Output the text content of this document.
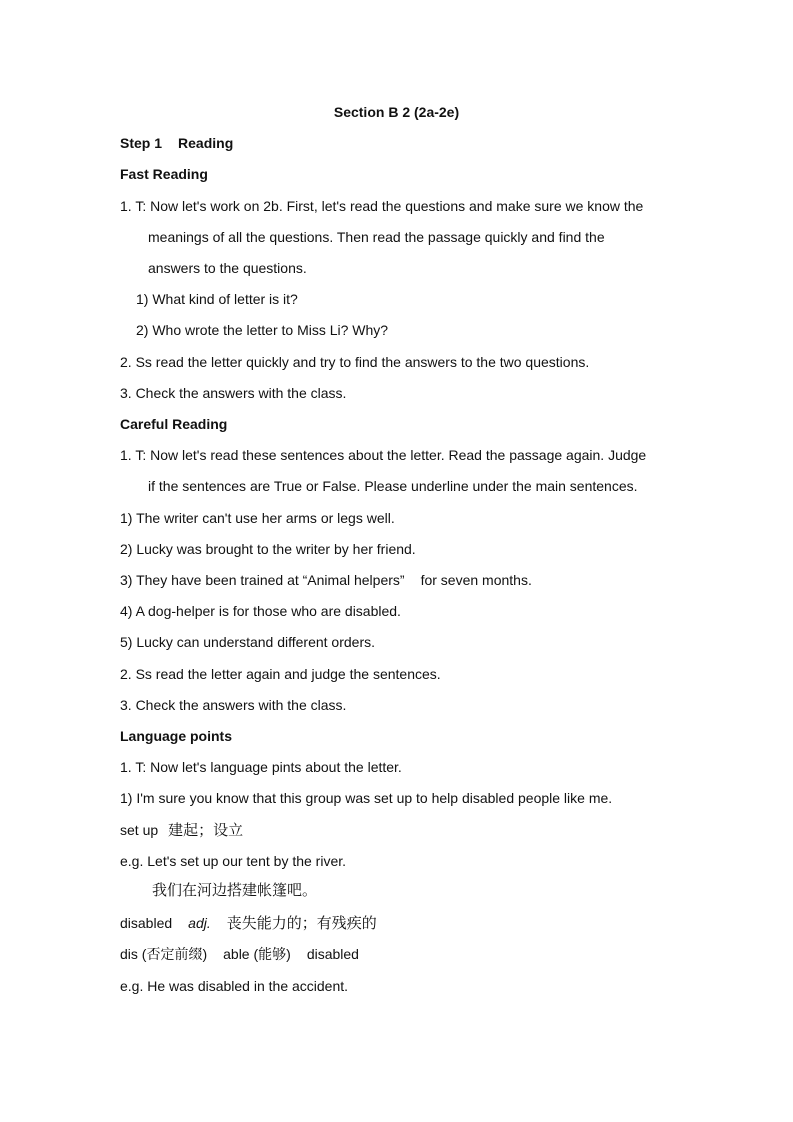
Section B 2 (2a-2e)
Step 1 Reading
Fast Reading
1. T: Now let's work on 2b. First, let's read the questions and make sure we know the
meanings of all the questions. Then read the passage quickly and find the
answers to the questions.
1) What kind of letter is it?
2) Who wrote the letter to Miss Li? Why?
2. Ss read the letter quickly and try to find the answers to the two questions.
3. Check the answers with the class.
Careful Reading
1. T: Now let's read these sentences about the letter. Read the passage again. Judge
if the sentences are True or False. Please underline under the main sentences.
1) The writer can't use her arms or legs well.
2) Lucky was brought to the writer by her friend.
3) They have been trained at “Animal helpers” for seven months.
4) A dog-helper is for those who are disabled.
5) Lucky can understand different orders.
2. Ss read the letter again and judge the sentences.
3. Check the answers with the class.
Language points
1. T: Now let's language pints about the letter.
1) I'm sure you know that this group was set up to help disabled people like me.
set up 建起；设立
e.g. Let's set up our tent by the river.
我们在河边搭建帐篷吧。
disabled adj. 丧失能力的；有残疾的
dis (否定前缀) able (能够) disabled
e.g. He was disabled in the accident.
